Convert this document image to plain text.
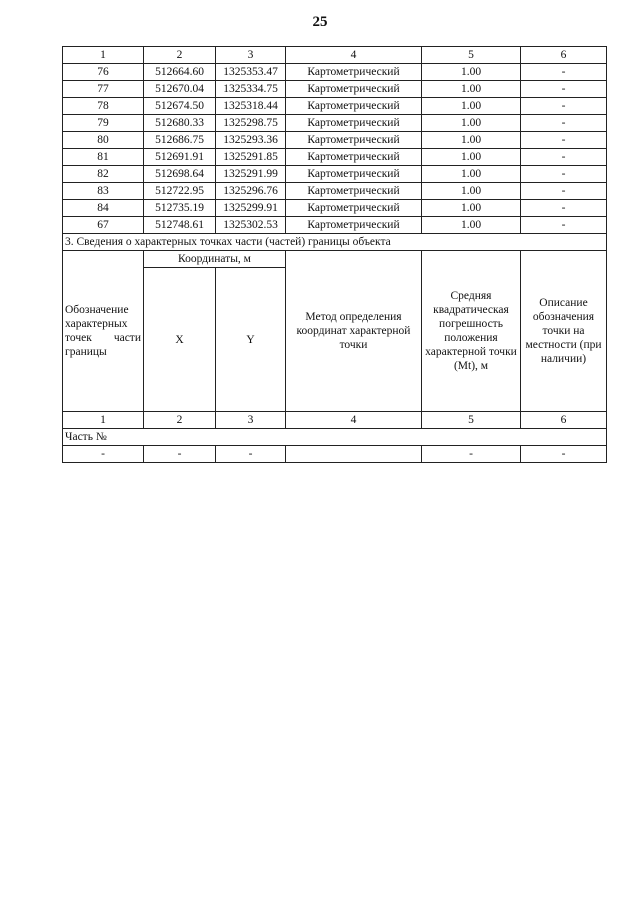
25
1	2	3	4	5	6
76	512664.60	1325353.47	Картометрический	1.00	-
77	512670.04	1325334.75	Картометрический	1.00	-
78	512674.50	1325318.44	Картометрический	1.00	-
79	512680.33	1325298.75	Картометрический	1.00	-
80	512686.75	1325293.36	Картометрический	1.00	-
81	512691.91	1325291.85	Картометрический	1.00	-
82	512698.64	1325291.99	Картометрический	1.00	-
83	512722.95	1325296.76	Картометрический	1.00	-
84	512735.19	1325299.91	Картометрический	1.00	-
67	512748.61	1325302.53	Картометрический	1.00	-
3. Сведения о характерных точках части (частей) границы объекта					
Обозначение характерных точек части границы	Координаты, м		Метод определения координат характерной точки	Средняя квадратическая погрешность положения характерной точки (Mt), м	Описание обозначения точки на местности (при наличии)
	X	Y			
1	2	3	4	5	6
Часть №					
-	-	-		-	-
